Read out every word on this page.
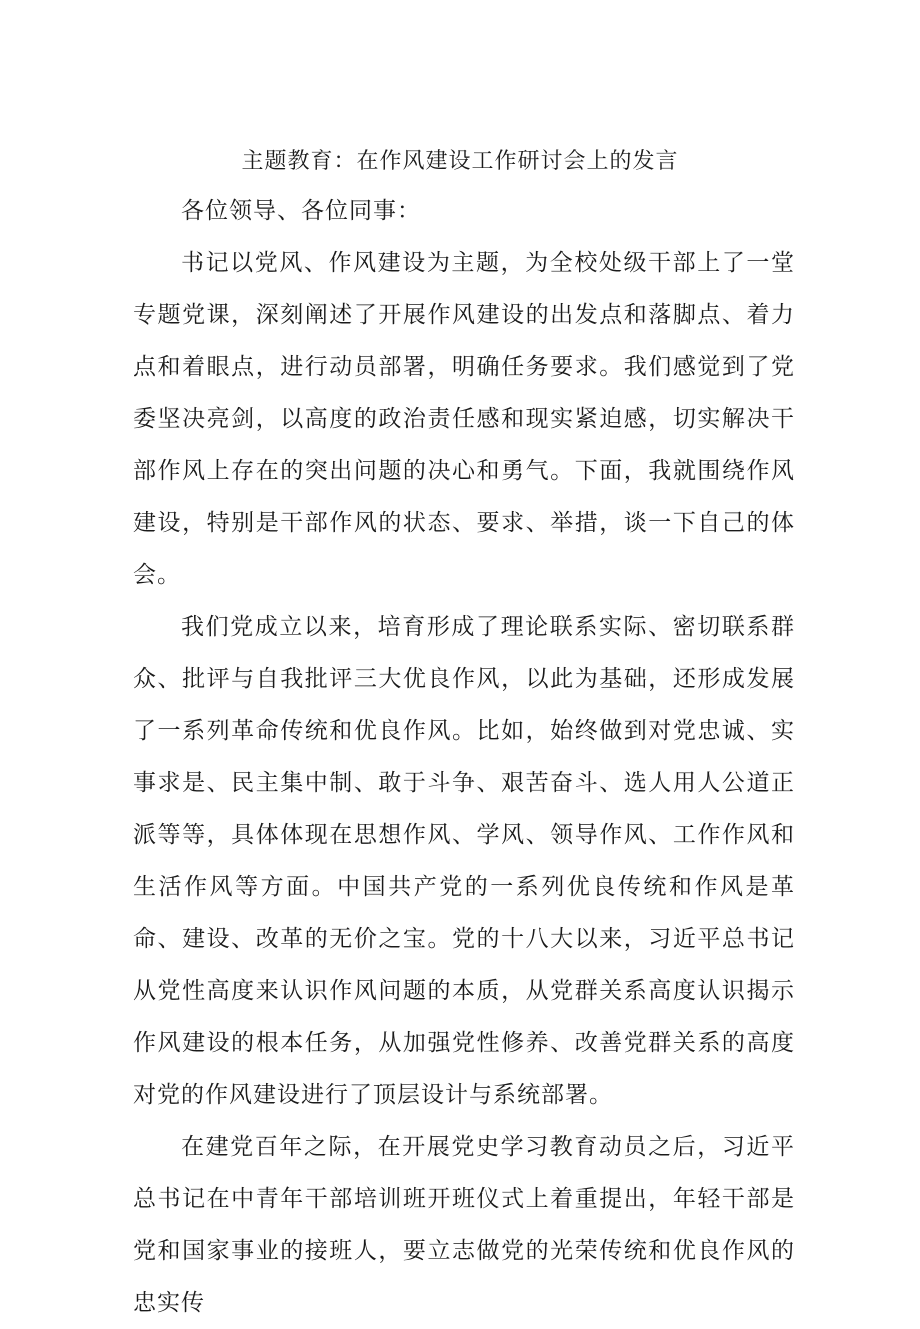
主题教育：在作风建设工作研讨会上的发言

各位领导、各位同事：

书记以党风、作风建设为主题，为全校处级干部上了一堂专题党课，深刻阐述了开展作风建设的出发点和落脚点、着力点和着眼点，进行动员部署，明确任务要求。我们感觉到了党委坚决亮剑，以高度的政治责任感和现实紧迫感，切实解决干部作风上存在的突出问题的决心和勇气。下面，我就围绕作风建设，特别是干部作风的状态、要求、举措，谈一下自己的体会。

我们党成立以来，培育形成了理论联系实际、密切联系群众、批评与自我批评三大优良作风，以此为基础，还形成发展了一系列革命传统和优良作风。比如，始终做到对党忠诚、实事求是、民主集中制、敢于斗争、艰苦奋斗、选人用人公道正派等等，具体体现在思想作风、学风、领导作风、工作作风和生活作风等方面。中国共产党的一系列优良传统和作风是革命、建设、改革的无价之宝。党的十八大以来，习近平总书记从党性高度来认识作风问题的本质，从党群关系高度认识揭示作风建设的根本任务，从加强党性修养、改善党群关系的高度对党的作风建设进行了顶层设计与系统部署。

在建党百年之际，在开展党史学习教育动员之后，习近平总书记在中青年干部培训班开班仪式上着重提出，年轻干部是党和国家事业的接班人，要立志做党的光荣传统和优良作风的忠实传
